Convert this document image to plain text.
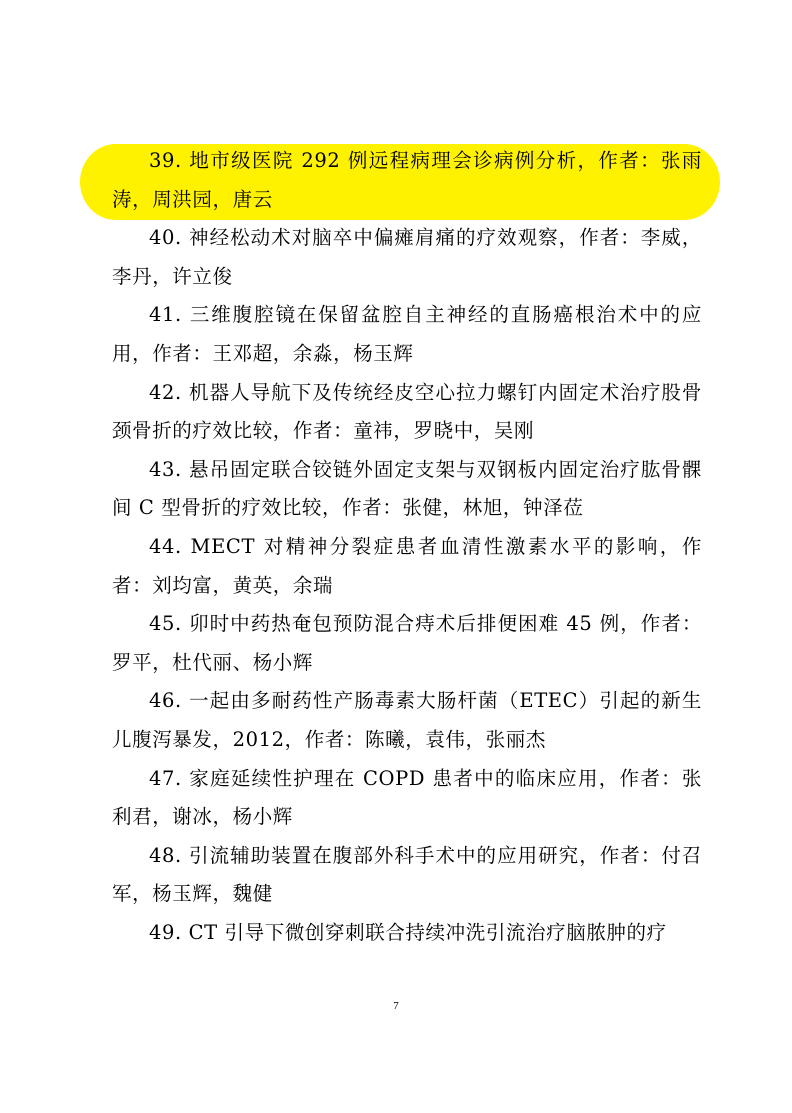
39. 地市级医院 292 例远程病理会诊病例分析，作者：张雨涛，周洪园，唐云

40. 神经松动术对脑卒中偏瘫肩痛的疗效观察，作者：李威，李丹，许立俊

41. 三维腹腔镜在保留盆腔自主神经的直肠癌根治术中的应用，作者：王邓超，余淼，杨玉辉

42. 机器人导航下及传统经皮空心拉力螺钉内固定术治疗股骨颈骨折的疗效比较，作者：童祎，罗晓中，吴刚

43. 悬吊固定联合铰链外固定支架与双钢板内固定治疗肱骨髁间 C 型骨折的疗效比较，作者：张健，林旭，钟泽莅

44. MECT 对精神分裂症患者血清性激素水平的影响，作者：刘均富，黄英，余瑞

45. 卯时中药热奄包预防混合痔术后排便困难 45 例，作者：罗平，杜代丽、杨小辉

46. 一起由多耐药性产肠毒素大肠杆菌（ETEC）引起的新生儿腹泻暴发，2012，作者：陈曦，袁伟，张丽杰

47. 家庭延续性护理在 COPD 患者中的临床应用，作者：张利君，谢冰，杨小辉

48. 引流辅助装置在腹部外科手术中的应用研究，作者：付召军，杨玉辉，魏健

49. CT 引导下微创穿刺联合持续冲洗引流治疗脑脓肿的疗

7
